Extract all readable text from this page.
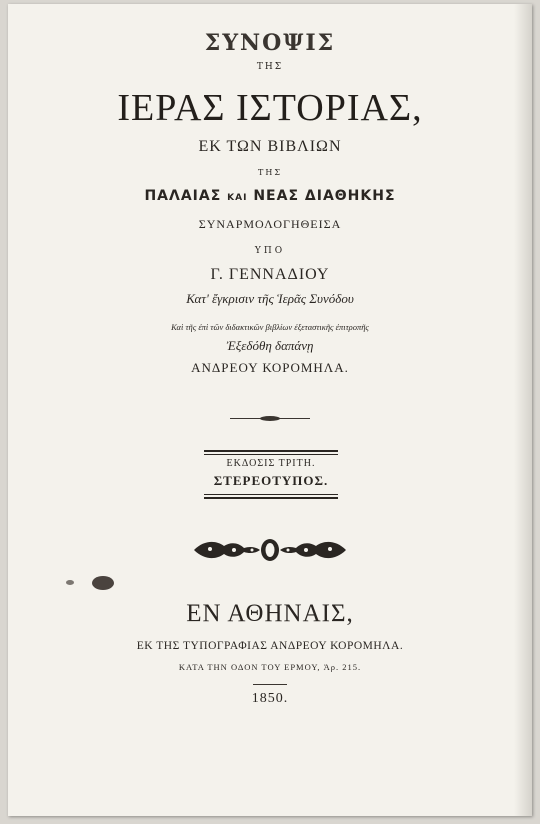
ΣΥΝΟΨΙΣ
ΤΗΣ
ΙΕΡΑΣ ΙΣΤΟΡΙΑΣ,
ΕΚ ΤΩΝ ΒΙΒΛΙΩΝ
ΤΗΣ
ΠΑΛΑΙΑΣ ΚΑΙ ΝΕΑΣ ΔΙΑΘΗΚΗΣ
ΣΥΝΑΡΜΟΛΟΓΗΘΕΙΣΑ
ΥΠΟ
Γ. ΓΕΝΝΑΔΙΟΥ
Κατ' ἔγκρισιν τῆς Ἱερᾶς Συνόδου
Καὶ τῆς ἐπὶ τῶν διδακτικῶν βιβλίων ἐξεταστικῆς ἐπιτροπῆς
Ἐξεδόθη δαπάνῃ
ΑΝΔΡΕΟΥ ΚΟΡΟΜΗΛΑ.
ΕΚΔΟΣΙΣ ΤΡΙΤΗ.
ΣΤΕΡΕΟΤΥΠΟΣ.
ΕΝ ΑΘΗΝΑΙΣ,
ΕΚ ΤΗΣ ΤΥΠΟΓΡΑΦΙΑΣ ΑΝΔΡΕΟΥ ΚΟΡΟΜΗΛΑ.
ΚΑΤΑ ΤΗΝ ΟΔΟΝ ΤΟΥ ΕΡΜΟΥ, Ἀρ. 215.
1850.
